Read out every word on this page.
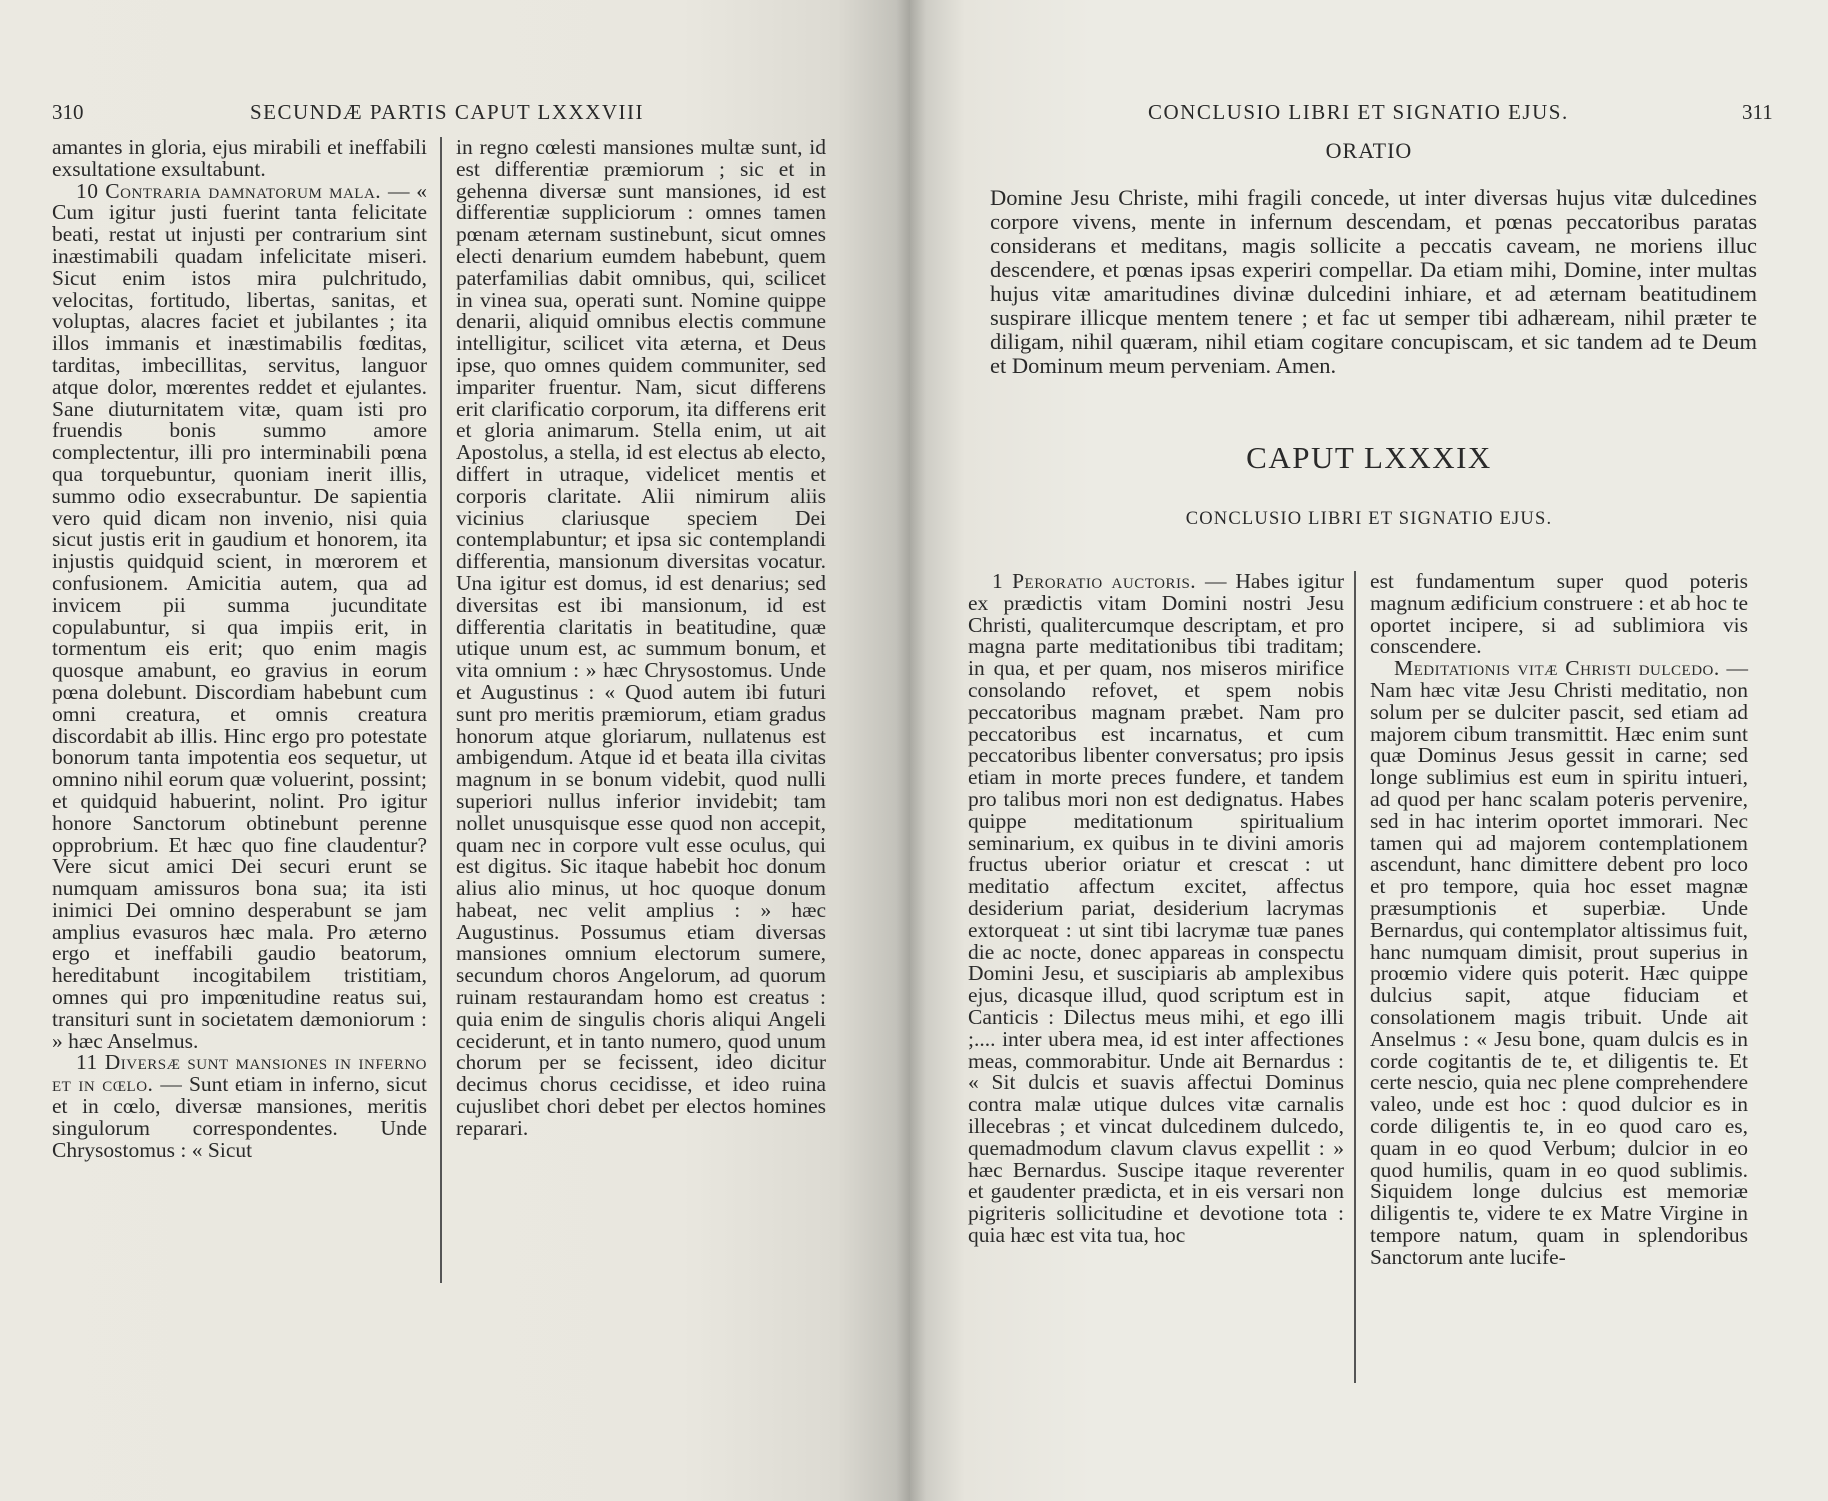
310	SECUNDÆ PARTIS CAPUT LXXXVIII

amantes in gloria, ejus mirabili et ineffabili exsultatione exsultabunt.

10 Contraria damnatorum mala. — « Cum igitur justi fuerint tanta felicitate beati, restat ut injusti per contrarium sint inæstimabili quadam infelicitate miseri. Sicut enim istos mira pulchritudo, velocitas, fortitudo, libertas, sanitas, et voluptas, alacres faciet et jubilantes ; ita illos immanis et inæstimabilis fœditas, tarditas, imbecillitas, servitus, languor atque dolor, mœrentes reddet et ejulantes. Sane diuturnitatem vitæ, quam isti pro fruendis bonis summo amore complectentur, illi pro interminabili pœna qua torquebuntur, quoniam inerit illis, summo odio exsecrabuntur. De sapientia vero quid dicam non invenio, nisi quia sicut justis erit in gaudium et honorem, ita injustis quidquid scient, in mœrorem et confusionem. Amicitia autem, qua ad invicem pii summa jucunditate copulabuntur, si qua impiis erit, in tormentum eis erit; quo enim magis quosque amabunt, eo gravius in eorum pœna dolebunt. Discordiam habebunt cum omni creatura, et omnis creatura discordabit ab illis. Hinc ergo pro potestate bonorum tanta impotentia eos sequetur, ut omnino nihil eorum quæ voluerint, possint; et quidquid habuerint, nolint. Pro igitur honore Sanctorum obtinebunt perenne opprobrium. Et hæc quo fine claudentur? Vere sicut amici Dei securi erunt se numquam amissuros bona sua; ita isti inimici Dei omnino desperabunt se jam amplius evasuros hæc mala. Pro æterno ergo et ineffabili gaudio beatorum, hereditabunt incogitabilem tristitiam, omnes qui pro impœnitudine reatus sui, transituri sunt in societatem dæmoniorum : » hæc Anselmus.

11 Diversæ sunt mansiones in inferno et in cœlo. — Sunt etiam in inferno, sicut et in cœlo, diversæ mansiones, meritis singulorum correspondentes. Unde Chrysostomus : « Sicut

in regno cœlesti mansiones multæ sunt, id est differentiæ præmiorum ; sic et in gehenna diversæ sunt mansiones, id est differentiæ suppliciorum : omnes tamen pœnam æternam sustinebunt, sicut omnes electi denarium eumdem habebunt, quem paterfamilias dabit omnibus, qui, scilicet in vinea sua, operati sunt. Nomine quippe denarii, aliquid omnibus electis commune intelligitur, scilicet vita æterna, et Deus ipse, quo omnes quidem communiter, sed impariter fruentur. Nam, sicut differens erit clarificatio corporum, ita differens erit et gloria animarum. Stella enim, ut ait Apostolus, a stella, id est electus ab electo, differt in utraque, videlicet mentis et corporis claritate. Alii nimirum aliis vicinius clariusque speciem Dei contemplabuntur; et ipsa sic contemplandi differentia, mansionum diversitas vocatur. Una igitur est domus, id est denarius; sed diversitas est ibi mansionum, id est differentia claritatis in beatitudine, quæ utique unum est, ac summum bonum, et vita omnium : » hæc Chrysostomus. Unde et Augustinus : « Quod autem ibi futuri sunt pro meritis præmiorum, etiam gradus honorum atque gloriarum, nullatenus est ambigendum. Atque id et beata illa civitas magnum in se bonum videbit, quod nulli superiori nullus inferior invidebit; tam nollet unusquisque esse quod non accepit, quam nec in corpore vult esse oculus, qui est digitus. Sic itaque habebit hoc donum alius alio minus, ut hoc quoque donum habeat, nec velit amplius : » hæc Augustinus. Possumus etiam diversas mansiones omnium electorum sumere, secundum choros Angelorum, ad quorum ruinam restaurandam homo est creatus : quia enim de singulis choris aliqui Angeli ceciderunt, et in tanto numero, quod unum chorum per se fecissent, ideo dicitur decimus chorus cecidisse, et ideo ruina cujuslibet chori debet per electos homines reparari.

CONCLUSIO LIBRI ET SIGNATIO EJUS.	311
ORATIO
Domine Jesu Christe, mihi fragili concede, ut inter diversas hujus vitæ dulcedines corpore vivens, mente in infernum descendam, et pœnas peccatoribus paratas considerans et meditans, magis sollicite a peccatis caveam, ne moriens illuc descendere, et pœnas ipsas experiri compellar. Da etiam mihi, Domine, inter multas hujus vitæ amaritudines divinæ dulcedini inhiare, et ad æternam beatitudinem suspirare illicque mentem tenere ; et fac ut semper tibi adhæream, nihil præter te diligam, nihil quæram, nihil etiam cogitare concupiscam, et sic tandem ad te Deum et Dominum meum perveniam. Amen.
CAPUT LXXXIX
CONCLUSIO LIBRI ET SIGNATIO EJUS.

1 Peroratio auctoris. — Habes igitur ex prædictis vitam Domini nostri Jesu Christi, qualitercumque descriptam, et pro magna parte meditationibus tibi traditam; in qua, et per quam, nos miseros mirifice consolando refovet, et spem nobis peccatoribus magnam præbet. Nam pro peccatoribus est incarnatus, et cum peccatoribus libenter conversatus; pro ipsis etiam in morte preces fundere, et tandem pro talibus mori non est dedignatus. Habes quippe meditationum spiritualium seminarium, ex quibus in te divini amoris fructus uberior oriatur et crescat : ut meditatio affectum excitet, affectus desiderium pariat, desiderium lacrymas extorqueat : ut sint tibi lacrymæ tuæ panes die ac nocte, donec appareas in conspectu Domini Jesu, et suscipiaris ab amplexibus ejus, dicasque illud, quod scriptum est in Canticis : Dilectus meus mihi, et ego illi ;.... inter ubera mea, id est inter affectiones meas, commorabitur. Unde ait Bernardus : « Sit dulcis et suavis affectui Dominus contra malæ utique dulces vitæ carnalis illecebras ; et vincat dulcedinem dulcedo, quemadmodum clavum clavus expellit : » hæc Bernardus. Suscipe itaque reverenter et gaudenter prædicta, et in eis versari non pigriteris sollicitudine et devotione tota : quia hæc est vita tua, hoc

est fundamentum super quod poteris magnum ædificium construere : et ab hoc te oportet incipere, si ad sublimiora vis conscendere.

Meditationis vitæ Christi dulcedo. — Nam hæc vitæ Jesu Christi meditatio, non solum per se dulciter pascit, sed etiam ad majorem cibum transmittit. Hæc enim sunt quæ Dominus Jesus gessit in carne; sed longe sublimius est eum in spiritu intueri, ad quod per hanc scalam poteris pervenire, sed in hac interim oportet immorari. Nec tamen qui ad majorem contemplationem ascendunt, hanc dimittere debent pro loco et pro tempore, quia hoc esset magnæ præsumptionis et superbiæ. Unde Bernardus, qui contemplator altissimus fuit, hanc numquam dimisit, prout superius in proœmio videre quis poterit. Hæc quippe dulcius sapit, atque fiduciam et consolationem magis tribuit. Unde ait Anselmus : « Jesu bone, quam dulcis es in corde cogitantis de te, et diligentis te. Et certe nescio, quia nec plene comprehendere valeo, unde est hoc : quod dulcior es in corde diligentis te, in eo quod caro es, quam in eo quod Verbum; dulcior in eo quod humilis, quam in eo quod sublimis. Siquidem longe dulcius est memoriæ diligentis te, videre te ex Matre Virgine in tempore natum, quam in splendoribus Sanctorum ante lucife-
